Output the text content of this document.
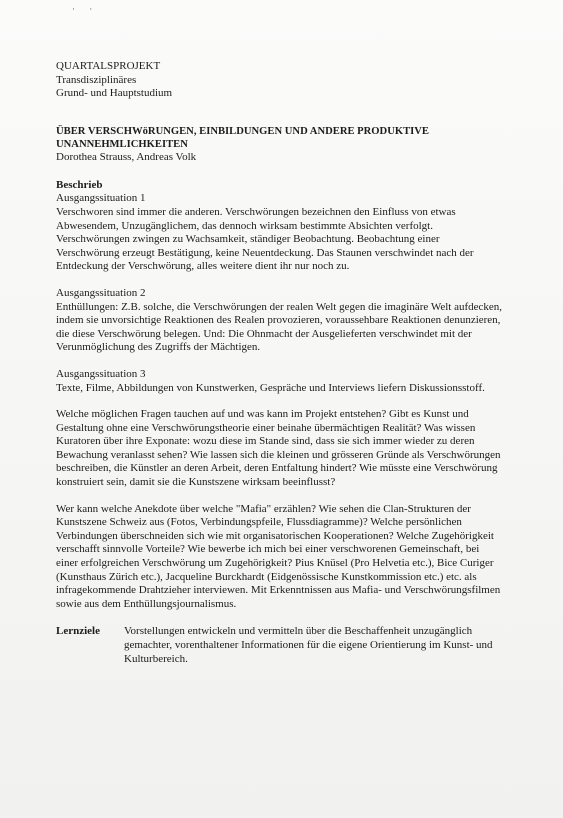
· ·

QUARTALSPROJEKT

Transdisziplinäres

Grund- und Hauptstudium

ÜBER VERSCHWöRUNGEN, EINBILDUNGEN UND ANDERE PRODUKTIVE
UNANNEHMLICHKEITEN

Dorothea Strauss, Andreas Volk

Beschrieb

Ausgangssituation 1

Verschworen sind immer die anderen. Verschwörungen bezeichnen den Einfluss von etwas Abwesendem, Unzugänglichem, das dennoch wirksam bestimmte Absichten verfolgt. Verschwörungen zwingen zu Wachsamkeit, ständiger Beobachtung. Beobachtung einer Verschwörung erzeugt Bestätigung, keine Neuentdeckung. Das Staunen verschwindet nach der Entdeckung der Verschwörung, alles weitere dient ihr nur noch zu.

Ausgangssituation 2

Enthüllungen: Z.B. solche, die Verschwörungen der realen Welt gegen die imaginäre Welt aufdecken, indem sie unvorsichtige Reaktionen des Realen provozieren, voraussehbare Reaktionen denunzieren, die diese Verschwörung belegen. Und: Die Ohnmacht der Ausgelieferten verschwindet mit der Verunmöglichung des Zugriffs der Mächtigen.

Ausgangssituation 3

Texte, Filme, Abbildungen von Kunstwerken, Gespräche und Interviews liefern Diskussionsstoff.

Welche möglichen Fragen tauchen auf und was kann im Projekt entstehen? Gibt es Kunst und Gestaltung ohne eine Verschwörungstheorie einer beinahe übermächtigen Realität? Was wissen Kuratoren über ihre Exponate: wozu diese im Stande sind, dass sie sich immer wieder zu deren Bewachung veranlasst sehen? Wie lassen sich die kleinen und grösseren Gründe als Verschwörungen beschreiben, die Künstler an deren Arbeit, deren Entfaltung hindert? Wie müsste eine Verschwörung konstruiert sein, damit sie die Kunstszene wirksam beeinflusst?

Wer kann welche Anekdote über welche "Mafia" erzählen? Wie sehen die Clan-Strukturen der Kunstszene Schweiz aus (Fotos, Verbindungspfeile, Flussdiagramme)? Welche persönlichen Verbindungen überschneiden sich wie mit organisatorischen Kooperationen? Welche Zugehörigkeit verschafft sinnvolle Vorteile? Wie bewerbe ich mich bei einer verschworenen Gemeinschaft, bei einer erfolgreichen Verschwörung um Zugehörigkeit? Pius Knüsel (Pro Helvetia etc.), Bice Curiger (Kunsthaus Zürich etc.), Jacqueline Burckhardt (Eidgenössische Kunstkommission etc.) etc. als infragekommende Drahtzieher interviewen. Mit Erkenntnissen aus Mafia- und Verschwörungsfilmen sowie aus dem Enthüllungsjournalismus.

Lernziele	Vorstellungen entwickeln und vermitteln über die Beschaffenheit unzugänglich gemachter, vorenthaltener Informationen für die eigene Orientierung im Kunst- und Kulturbereich.
